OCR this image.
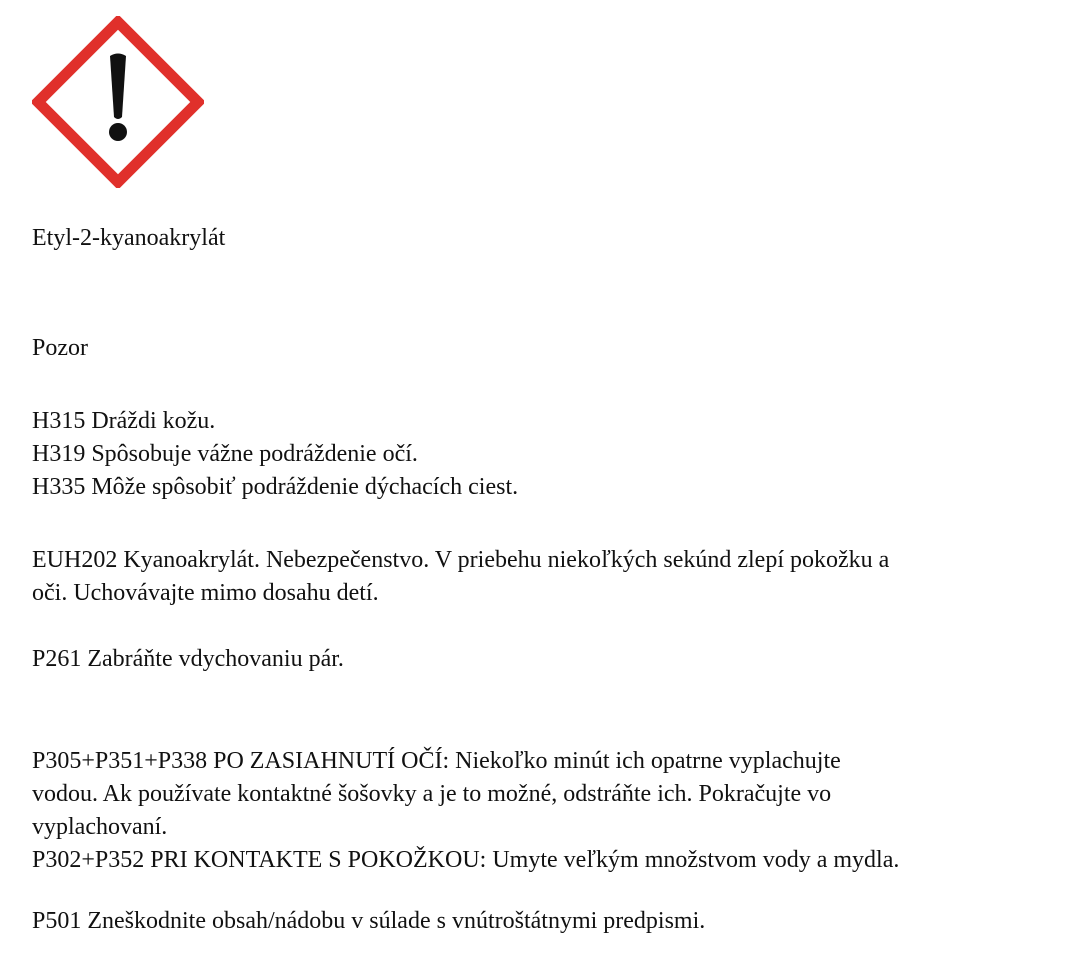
Etyl-2-kyanoakrylát
Pozor
H315 Dráždi kožu.
H319 Spôsobuje vážne podráždenie očí.
H335 Môže spôsobiť podráždenie dýchacích ciest.
EUH202 Kyanoakrylát. Nebezpečenstvo. V priebehu niekoľkých sekúnd zlepí pokožku a
oči. Uchovávajte mimo dosahu detí.
P261 Zabráňte vdychovaniu pár.
P305+P351+P338 PO ZASIAHNUTÍ OČÍ: Niekoľko minút ich opatrne vyplachujte
vodou. Ak používate kontaktné šošovky a je to možné, odstráňte ich. Pokračujte vo
vyplachovaní.
P302+P352 PRI KONTAKTE S POKOŽKOU: Umyte veľkým množstvom vody a mydla.
P501 Zneškodnite obsah/nádobu v súlade s vnútroštátnymi predpismi.
